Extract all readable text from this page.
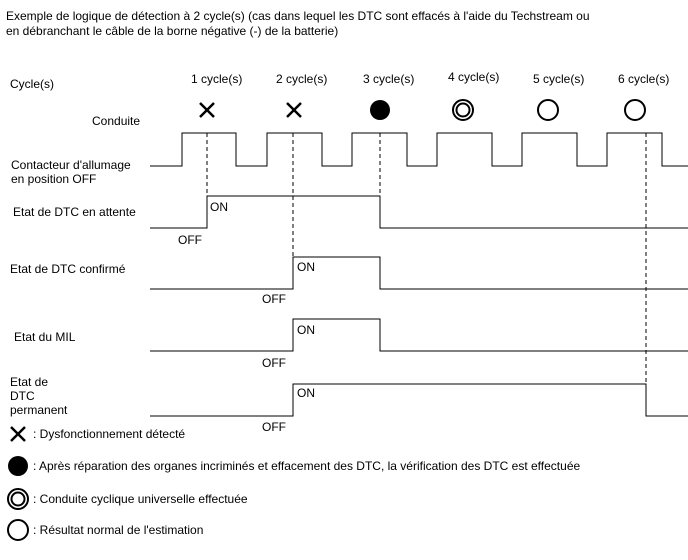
Exemple de logique de détection à 2 cycle(s) (cas dans lequel les DTC sont effacés à l'aide du Techstream ou
en débranchant le câble de la borne négative (-) de la batterie)
Cycle(s)
Conduite
Contacteur d'allumage
en position OFF
Etat de DTC en attente
Etat de DTC confirmé
Etat du MIL
Etat de
DTC
permanent
1 cycle(s)	2 cycle(s)	3 cycle(s)	4 cycle(s)	5 cycle(s)	6 cycle(s)
ON
OFF
ON
OFF
ON
OFF
ON
OFF
: Dysfonctionnement détecté
: Après réparation des organes incriminés et effacement des DTC, la vérification des DTC est effectuée
: Conduite cyclique universelle effectuée
: Résultat normal de l'estimation
